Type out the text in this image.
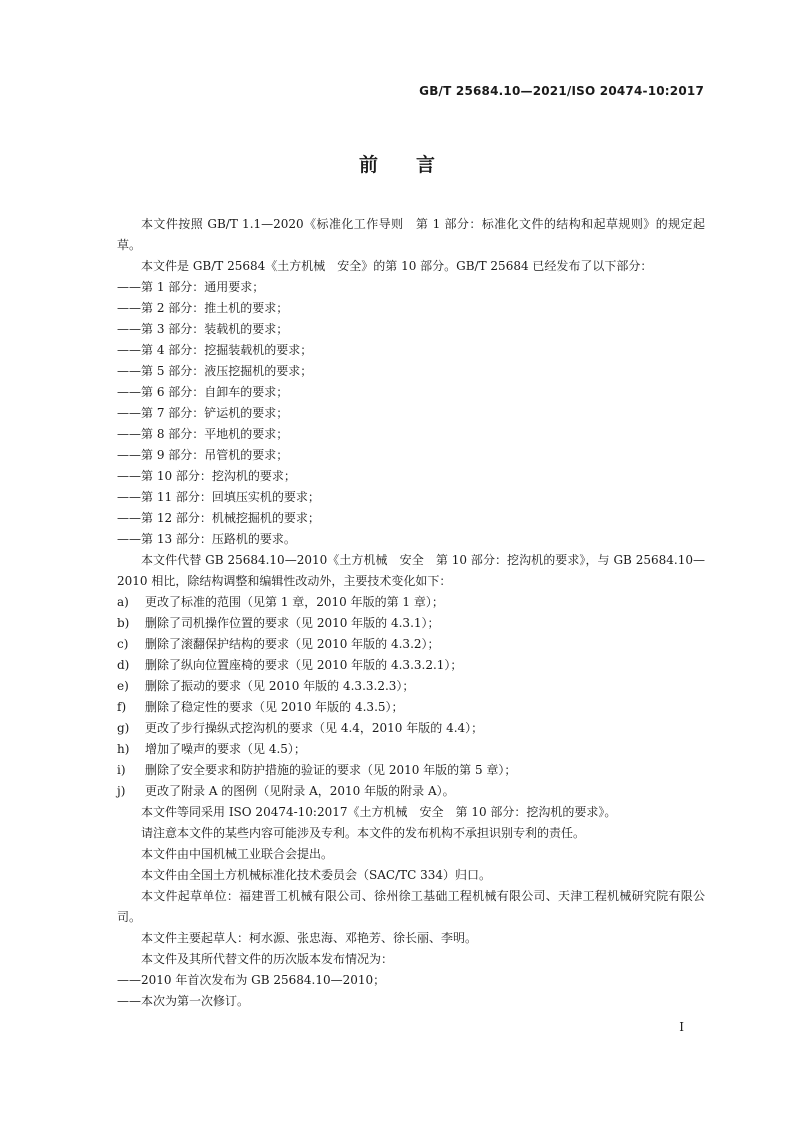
GB/T 25684.10—2021/ISO 20474-10:2017
前　　言

本文件按照 GB/T 1.1—2020《标准化工作导则　第 1 部分：标准化文件的结构和起草规则》的规定起草。

本文件是 GB/T 25684《土方机械　安全》的第 10 部分。GB/T 25684 已经发布了以下部分：

——第 1 部分：通用要求；

——第 2 部分：推土机的要求；

——第 3 部分：装载机的要求；

——第 4 部分：挖掘装载机的要求；

——第 5 部分：液压挖掘机的要求；

——第 6 部分：自卸车的要求；

——第 7 部分：铲运机的要求；

——第 8 部分：平地机的要求；

——第 9 部分：吊管机的要求；

——第 10 部分：挖沟机的要求；

——第 11 部分：回填压实机的要求；

——第 12 部分：机械挖掘机的要求；

——第 13 部分：压路机的要求。

本文件代替 GB 25684.10—2010《土方机械　安全　第 10 部分：挖沟机的要求》，与 GB 25684.10—2010 相比，除结构调整和编辑性改动外，主要技术变化如下：

a)	更改了标准的范围（见第 1 章，2010 年版的第 1 章）；
b)	删除了司机操作位置的要求（见 2010 年版的 4.3.1）；
c)	删除了滚翻保护结构的要求（见 2010 年版的 4.3.2）；
d)	删除了纵向位置座椅的要求（见 2010 年版的 4.3.3.2.1）；
e)	删除了振动的要求（见 2010 年版的 4.3.3.2.3）；
f)	删除了稳定性的要求（见 2010 年版的 4.3.5）；
g)	更改了步行操纵式挖沟机的要求（见 4.4，2010 年版的 4.4）；
h)	增加了噪声的要求（见 4.5）；
i)	删除了安全要求和防护措施的验证的要求（见 2010 年版的第 5 章）；
j)	更改了附录 A 的图例（见附录 A，2010 年版的附录 A）。

本文件等同采用 ISO 20474-10:2017《土方机械　安全　第 10 部分：挖沟机的要求》。

请注意本文件的某些内容可能涉及专利。本文件的发布机构不承担识别专利的责任。

本文件由中国机械工业联合会提出。

本文件由全国土方机械标准化技术委员会（SAC/TC 334）归口。

本文件起草单位：福建晋工机械有限公司、徐州徐工基础工程机械有限公司、天津工程机械研究院有限公司。

本文件主要起草人：柯水源、张忠海、邓艳芳、徐长丽、李明。

本文件及其所代替文件的历次版本发布情况为：

——2010 年首次发布为 GB 25684.10—2010；

——本次为第一次修订。

I
